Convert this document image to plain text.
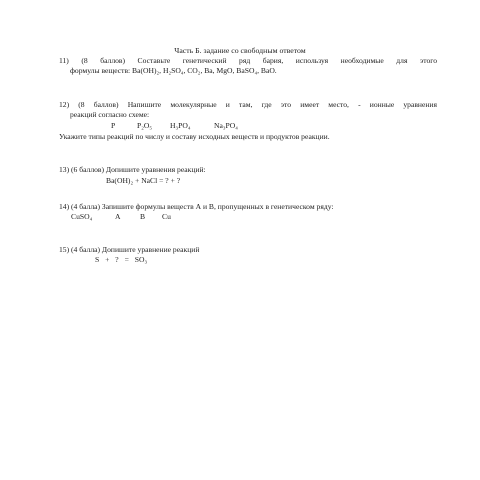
Часть Б. задание со свободным ответом
11) (8 баллов) Составьте генетический ряд бария, используя необходимые для этого
формулы веществ: Ba(OH)₂, H₂SO₄, CO₂, Ba, MgO, BaSO₄, BaO.
12) (8 баллов) Напишите молекулярные и там, где это имеет место, - ионные уравнения
реакций согласно схеме:
P	P₂O₅ H₃PO₄	Na₃PO₄
Укажите типы реакций по числу и составу исходных веществ и продуктов реакции.
13) (6 баллов) Допишите уравнения реакций:
Ba(OH)₂ + NaCl = ? + ?
14) (4 балла) Запишите формулы веществ А и В, пропущенных в генетическом ряду:
CuSO₄	A	B Cu
15) (4 балла) Допишите уравнение реакций
S + ? = SO₃
